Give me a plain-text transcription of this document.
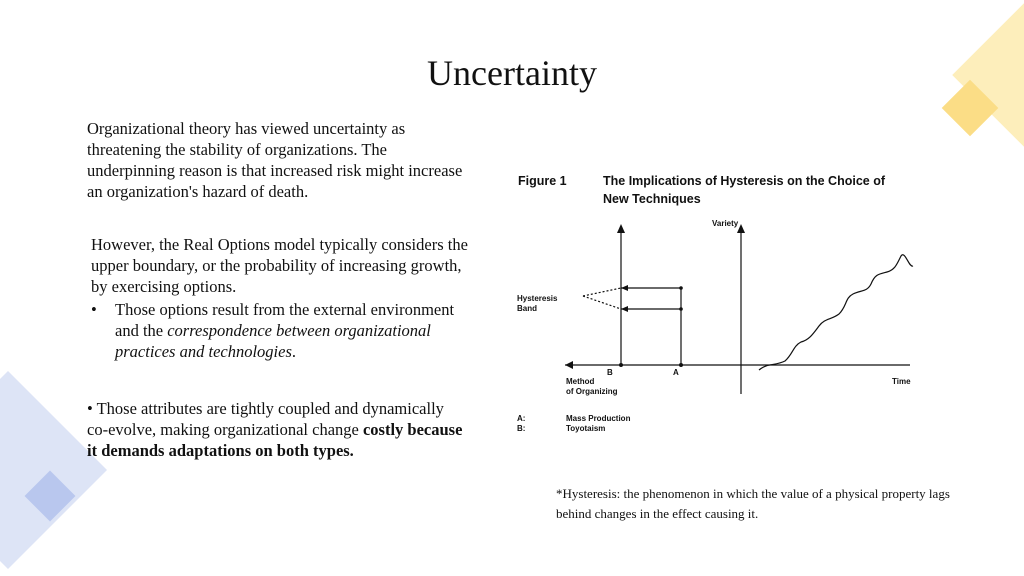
Uncertainty

Organizational theory has viewed uncertainty as threatening the stability of organizations. The underpinning reason is that increased risk might increase an organization's hazard of death.

However, the Real Options model typically considers the upper boundary, or the probability of increasing growth, by exercising options.
•	Those options result from the external environment and the correspondence between organizational practices and technologies.

• Those attributes are tightly coupled and dynamically co-evolve, making organizational change costly because it demands adaptations on both types.

Figure 1	The Implications of Hysteresis on the Choice of
New Techniques
Variety
Hysteresis
Band
B	A
Time
Method
of Organizing
A:	Mass Production
B:	Toyotaism
*Hysteresis: the phenomenon in which the value of a physical property lags behind changes in the effect causing it.
